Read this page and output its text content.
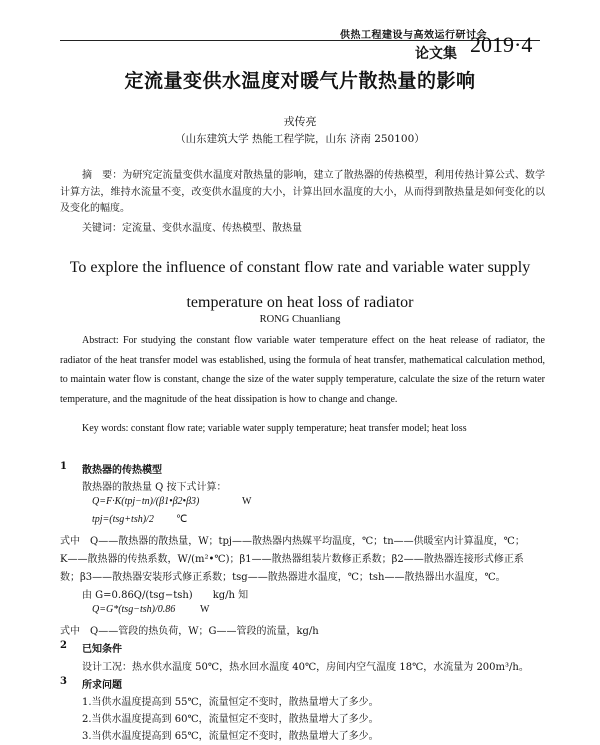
供热工程建设与高效运行研讨会
论文集 2019·4
定流量变供水温度对暖气片散热量的影响
戎传亮
（山东建筑大学 热能工程学院，山东 济南 250100）
摘　要：为研究定流量变供水温度对散热量的影响，建立了散热器的传热模型，利用传热计算公式、数学计算方法，维持水流量不变，改变供水温度的大小，计算出回水温度的大小，从而得到散热量是如何变化的以及变化的幅度。
关键词：定流量、变供水温度、传热模型、散热量
To explore the influence of constant flow rate and variable water supply
temperature on heat loss of radiator
RONG Chuanliang
Abstract: For studying the constant flow variable water temperature effect on the heat release of radiator, the radiator of the heat transfer model was established, using the formula of heat transfer, mathematical calculation method, to maintain water flow is constant, change the size of the water supply temperature, calculate the size of the return water temperature, and the magnitude of the heat dissipation is how to change and change.
Key words: constant flow rate; variable water supply temperature; heat transfer model; heat loss
1 散热器的传热模型
散热器的散热量 Q 按下式计算：
Q=F·K(tpj−tn)/(β1•β2•β3)	W
tpj=(tsg+tsh)/2 ℃
式中　Q——散热器的散热量，W；tpj——散热器内热媒平均温度，℃；tn——供暖室内计算温度，℃；
K——散热器的传热系数，W/(m²•℃)；β1——散热器组装片数修正系数；β2——散热器连接形式修正系
数；β3——散热器安装形式修正系数；tsg——散热器进水温度，℃；tsh——散热器出水温度，℃。
由 G=0.86Q/(tsg−tsh)　　kg/h 知
Q=G*(tsg−tsh)/0.86 W
式中　Q——管段的热负荷，W；G——管段的流量，kg/h
2 已知条件
设计工况：热水供水温度 50℃，热水回水温度 40℃，房间内空气温度 18℃，水流量为 200m³/h。
3 所求问题
1.当供水温度提高到 55℃，流量恒定不变时，散热量增大了多少。
2.当供水温度提高到 60℃，流量恒定不变时，散热量增大了多少。
3.当供水温度提高到 65℃，流量恒定不变时，散热量增大了多少。
